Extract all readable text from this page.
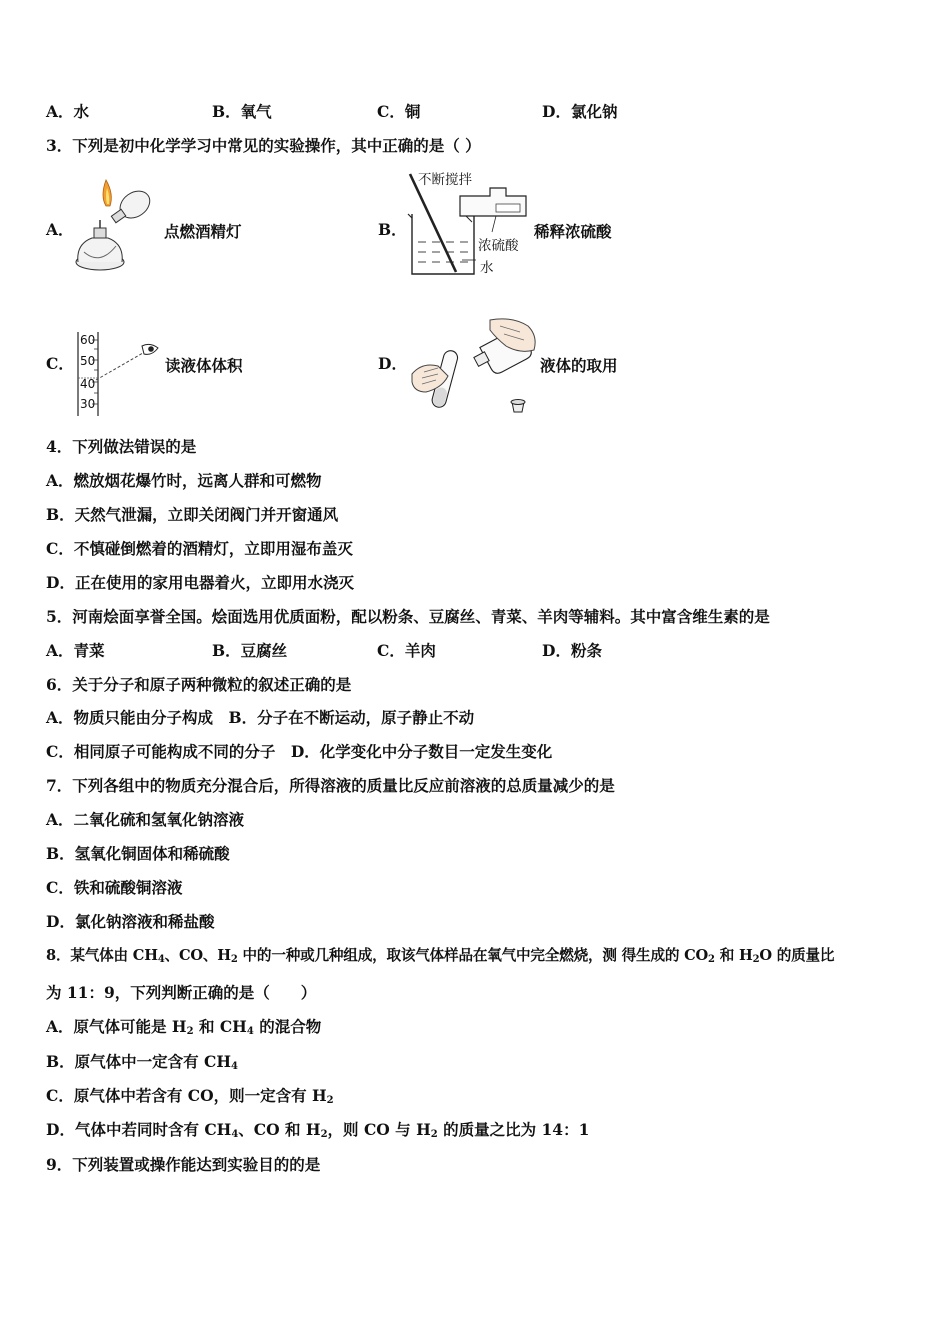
A．水	B．氧气	C．铜	D．氯化钠
3．下列是初中化学学习中常见的实验操作，其中正确的是（ ）
A．	点燃酒精灯	B．
不断搅拌
浓硫酸
水
稀释浓硫酸
C．
60
50
40
30
读液体体积	D．	液体的取用
4．下列做法错误的是
A．燃放烟花爆竹时，远离人群和可燃物
B．天然气泄漏，立即关闭阀门并开窗通风
C．不慎碰倒燃着的酒精灯，立即用湿布盖灭
D．正在使用的家用电器着火，立即用水浇灭
5．河南烩面享誉全国。烩面选用优质面粉，配以粉条、豆腐丝、青菜、羊肉等辅料。其中富含维生素的是
A．青菜	B．豆腐丝	C．羊肉	D．粉条
6．关于分子和原子两种微粒的叙述正确的是
A．物质只能由分子构成　B．分子在不断运动，原子静止不动
C．相同原子可能构成不同的分子　D．化学变化中分子数目一定发生变化
7．下列各组中的物质充分混合后，所得溶液的质量比反应前溶液的总质量减少的是
A．二氧化硫和氢氧化钠溶液
B．氢氧化铜固体和稀硫酸
C．铁和硫酸铜溶液
D．氯化钠溶液和稀盐酸
8．某气体由 $CH_4$、CO、$H_2$ 中的一种或几种组成，取该气体样品在氧气中完全燃烧，测 得生成的 $CO_2$ 和 $H_2O$ 的质量比
为 11：9，下列判断正确的是（　　）
A．原气体可能是 $H_2$ 和 $CH_4$ 的混合物
B．原气体中一定含有 $CH_4$
C．原气体中若含有 CO，则一定含有 $H_2$
D．气体中若同时含有 $CH_4$、CO 和 $H_2$，则 CO 与 $H_2$ 的质量之比为 14：1
9．下列装置或操作能达到实验目的的是
